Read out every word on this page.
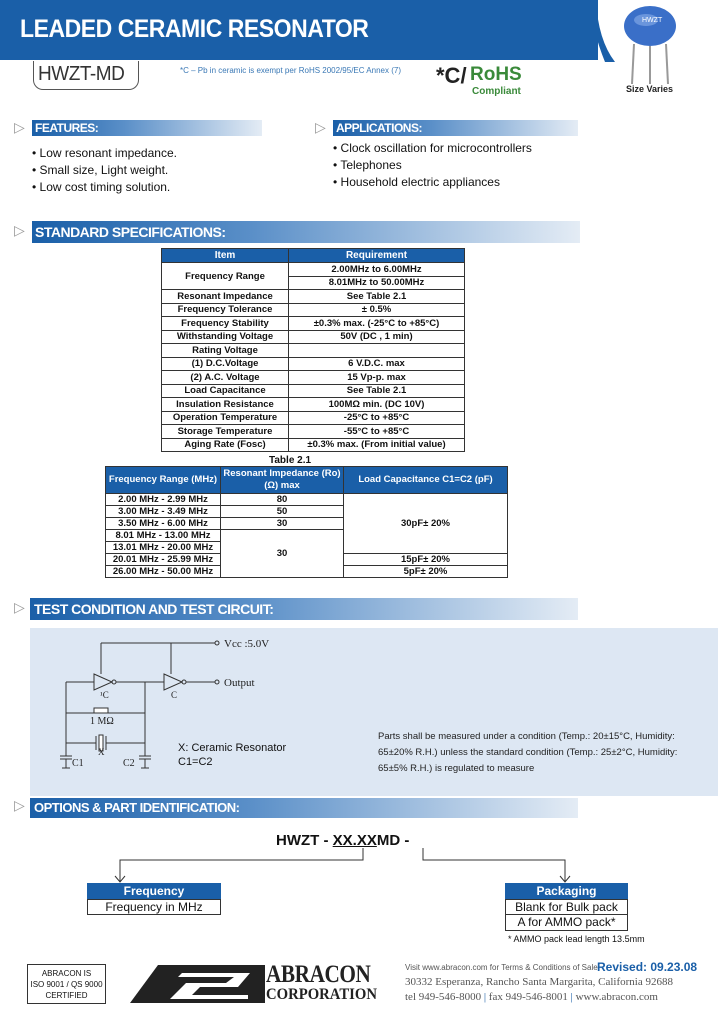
LEADED CERAMIC RESONATOR	HWZT
HWZT-MD	*C – Pb in ceramic is exempt per RoHS 2002/95/EC Annex (7) *C/ RoHS
Compliant	Size Varies
▷ FEATURES:
• Low resonant impedance.
• Small size, Light weight.
• Low cost timing solution.
▷ APPLICATIONS:
• Clock oscillation for microcontrollers
• Telephones
• Household electric appliances
▷ STANDARD SPECIFICATIONS:
Item	Requirement
Frequency Range	2.00MHz to 6.00MHz
	8.01MHz to 50.00MHz
Resonant Impedance	See Table 2.1
Frequency Tolerance	± 0.5%
Frequency Stability	±0.3% max. (-25°C to +85°C)
Withstanding Voltage	50V (DC , 1 min)
Rating Voltage	
(1) D.C.Voltage	6 V.D.C. max
(2) A.C. Voltage	15 Vp-p. max
Load Capacitance	See Table 2.1
Insulation Resistance	100MΩ min. (DC 10V)
Operation Temperature	-25°C to +85°C
Storage Temperature	-55°C to +85°C
Aging Rate (Fosc)	±0.3% max. (From initial value)
Table 2.1
Frequency Range (MHz)	Resonant Impedance (Ro)(Ω) max	Load Capacitance C1=C2 (pF)
2.00 MHz - 2.99 MHz	80	30pF± 20%
3.00 MHz - 3.49 MHz	50	
3.50 MHz - 6.00 MHz	30	
8.01 MHz - 13.00 MHz	30	
13.01 MHz - 20.00 MHz		
20.01 MHz - 25.99 MHz		15pF± 20%
26.00 MHz - 50.00 MHz		5pF± 20%
▷ TEST CONDITION AND TEST CIRCUIT:
Vcc :5.0V
Output
¹C	C
1 MΩ
X
C1	C2
X: Ceramic Resonator
C1=C2
Parts shall be measured under a condition (Temp.: 20±15°C, Humidity:
65±20% R.H.) unless the standard condition (Temp.: 25±2°C, Humidity:
65±5% R.H.) is regulated to measure
▷ OPTIONS & PART IDENTIFICATION:
HWZT - XX.XXMD -
Frequency
Frequency in MHz
Packaging
Blank for Bulk pack
A for AMMO pack*
* AMMO pack lead length 13.5mm
ABRACON IS
ISO 9001 / QS 9000
CERTIFIED
ABRACON
CORPORATION
Visit www.abracon.com for Terms & Conditions of Sale Revised: 09.23.08
30332 Esperanza, Rancho Santa Margarita, California 92688
tel 949-546-8000 | fax 949-546-8001 | www.abracon.com
